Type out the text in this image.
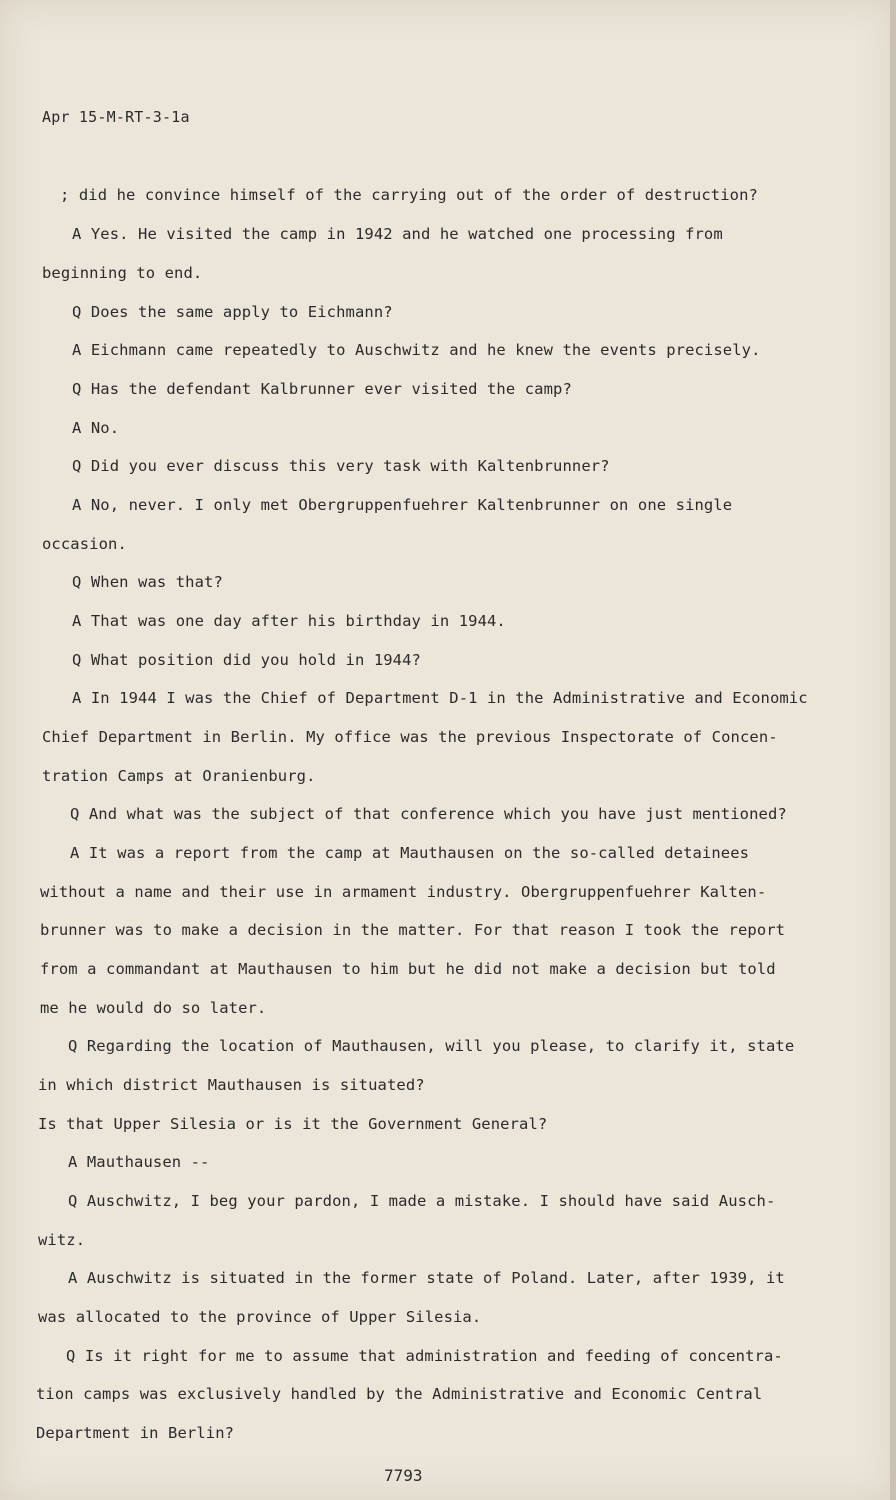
Apr 15-M-RT-3-1a
; did he convince himself of the carrying out of the order of destruction?
A Yes. He visited the camp in 1942 and he watched one processing from
beginning to end.
Q Does the same apply to Eichmann?
A Eichmann came repeatedly to Auschwitz and he knew the events precisely.
Q Has the defendant Kalbrunner ever visited the camp?
A No.
Q Did you ever discuss this very task with Kaltenbrunner?
A No, never. I only met Obergruppenfuehrer Kaltenbrunner on one single
occasion.
Q When was that?
A That was one day after his birthday in 1944.
Q What position did you hold in 1944?
A In 1944 I was the Chief of Department D-1 in the Administrative and Economic
Chief Department in Berlin. My office was the previous Inspectorate of Concen-
tration Camps at Oranienburg.
Q And what was the subject of that conference which you have just mentioned?
A It was a report from the camp at Mauthausen on the so-called detainees
without a name and their use in armament industry. Obergruppenfuehrer Kalten-
brunner was to make a decision in the matter. For that reason I took the report
from a commandant at Mauthausen to him but he did not make a decision but told
me he would do so later.
Q Regarding the location of Mauthausen, will you please, to clarify it, state
in which district Mauthausen is situated?
Is that Upper Silesia or is it the Government General?
A Mauthausen --
Q Auschwitz, I beg your pardon, I made a mistake. I should have said Ausch-
witz.
A Auschwitz is situated in the former state of Poland. Later, after 1939, it
was allocated to the province of Upper Silesia.
Q Is it right for me to assume that administration and feeding of concentra-
tion camps was exclusively handled by the Administrative and Economic Central
Department in Berlin?
7793
